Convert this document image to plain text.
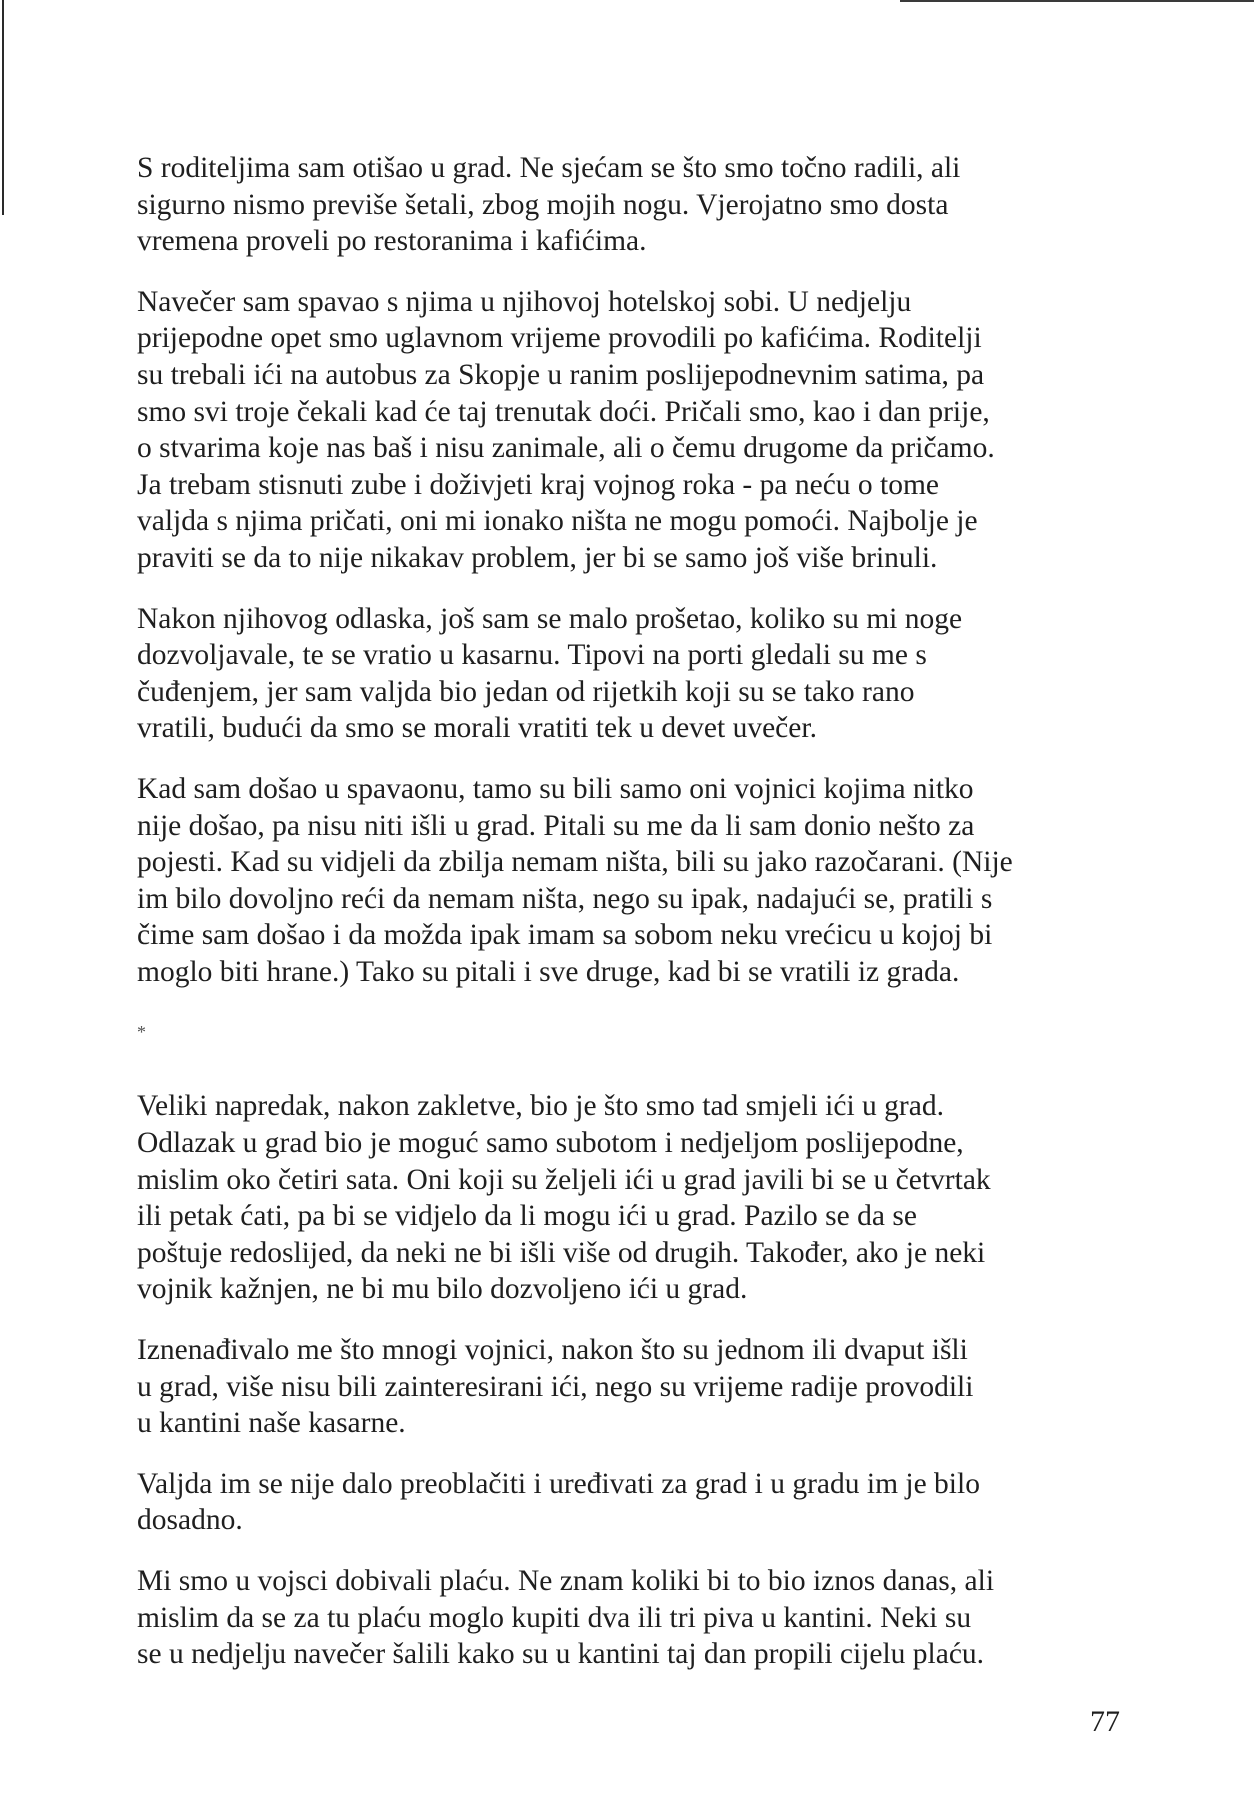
S roditeljima sam otišao u grad. Ne sjećam se što smo točno radili, ali
sigurno nismo previše šetali, zbog mojih nogu. Vjerojatno smo dosta
vremena proveli po restoranima i kafićima.

Navečer sam spavao s njima u njihovoj hotelskoj sobi. U nedjelju
prijepodne opet smo uglavnom vrijeme provodili po kafićima. Roditelji
su trebali ići na autobus za Skopje u ranim poslijepodnevnim satima, pa
smo svi troje čekali kad će taj trenutak doći. Pričali smo, kao i dan prije,
o stvarima koje nas baš i nisu zanimale, ali o čemu drugome da pričamo.
Ja trebam stisnuti zube i doživjeti kraj vojnog roka - pa neću o tome
valjda s njima pričati, oni mi ionako ništa ne mogu pomoći. Najbolje je
praviti se da to nije nikakav problem, jer bi se samo još više brinuli.

Nakon njihovog odlaska, još sam se malo prošetao, koliko su mi noge
dozvoljavale, te se vratio u kasarnu. Tipovi na porti gledali su me s
čuđenjem, jer sam valjda bio jedan od rijetkih koji su se tako rano
vratili, budući da smo se morali vratiti tek u devet uvečer.

Kad sam došao u spavaonu, tamo su bili samo oni vojnici kojima nitko
nije došao, pa nisu niti išli u grad. Pitali su me da li sam donio nešto za
pojesti. Kad su vidjeli da zbilja nemam ništa, bili su jako razočarani. (Nije
im bilo dovoljno reći da nemam ništa, nego su ipak, nadajući se, pratili s
čime sam došao i da možda ipak imam sa sobom neku vrećicu u kojoj bi
moglo biti hrane.) Tako su pitali i sve druge, kad bi se vratili iz grada.

*

Veliki napredak, nakon zakletve, bio je što smo tad smjeli ići u grad.
Odlazak u grad bio je moguć samo subotom i nedjeljom poslijepodne,
mislim oko četiri sata. Oni koji su željeli ići u grad javili bi se u četvrtak
ili petak ćati, pa bi se vidjelo da li mogu ići u grad. Pazilo se da se
poštuje redoslijed, da neki ne bi išli više od drugih. Također, ako je neki
vojnik kažnjen, ne bi mu bilo dozvoljeno ići u grad.

Iznenađivalo me što mnogi vojnici, nakon što su jednom ili dvaput išli
u grad, više nisu bili zainteresirani ići, nego su vrijeme radije provodili
u kantini naše kasarne.

Valjda im se nije dalo preoblačiti i uređivati za grad i u gradu im je bilo
dosadno.

Mi smo u vojsci dobivali plaću. Ne znam koliki bi to bio iznos danas, ali
mislim da se za tu plaću moglo kupiti dva ili tri piva u kantini. Neki su
se u nedjelju navečer šalili kako su u kantini taj dan propili cijelu plaću.

77
